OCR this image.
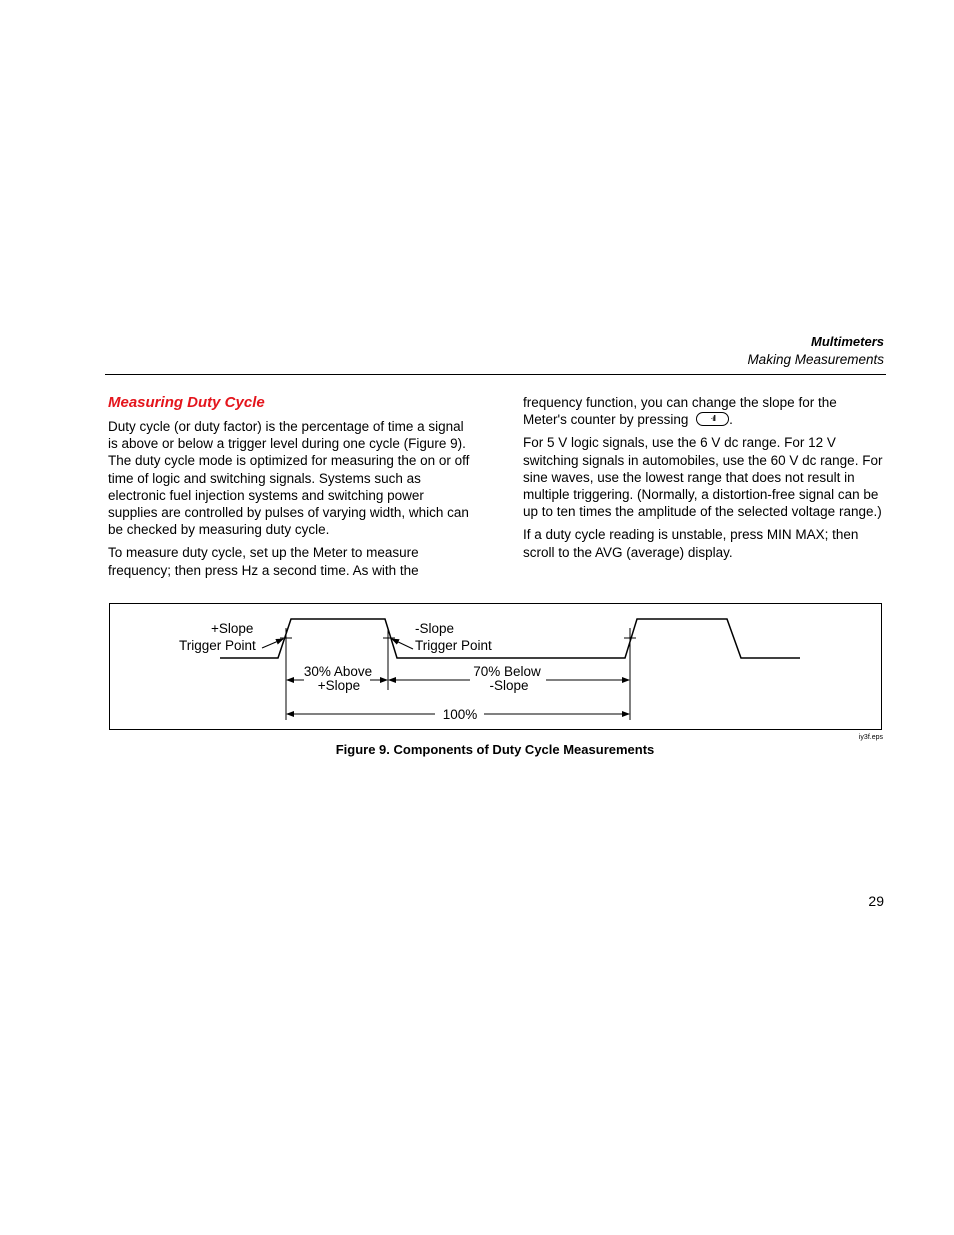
Multimeters
Making Measurements
Measuring Duty Cycle

Duty cycle (or duty factor) is the percentage of time a signal is above or below a trigger level during one cycle (Figure 9). The duty cycle mode is optimized for measuring the on or off time of logic and switching signals. Systems such as electronic fuel injection systems and switching power supplies are controlled by pulses of varying width, which can be checked by measuring duty cycle.

To measure duty cycle, set up the Meter to measure frequency; then press Hz a second time. As with the

frequency function, you can change the slope for the Meter's counter by pressing	·ıll	.

For 5 V logic signals, use the 6 V dc range. For 12 V switching signals in automobiles, use the 60 V dc range. For sine waves, use the lowest range that does not result in multiple triggering. (Normally, a distortion-free signal can be up to ten times the amplitude of the selected voltage range.)

If a duty cycle reading is unstable, press MIN MAX; then scroll to the AVG (average) display.

+Slope
Trigger Point
-Slope
Trigger Point
30% Above
+Slope
70% Below
-Slope
100%
iy3f.eps
Figure 9. Components of Duty Cycle Measurements
29
